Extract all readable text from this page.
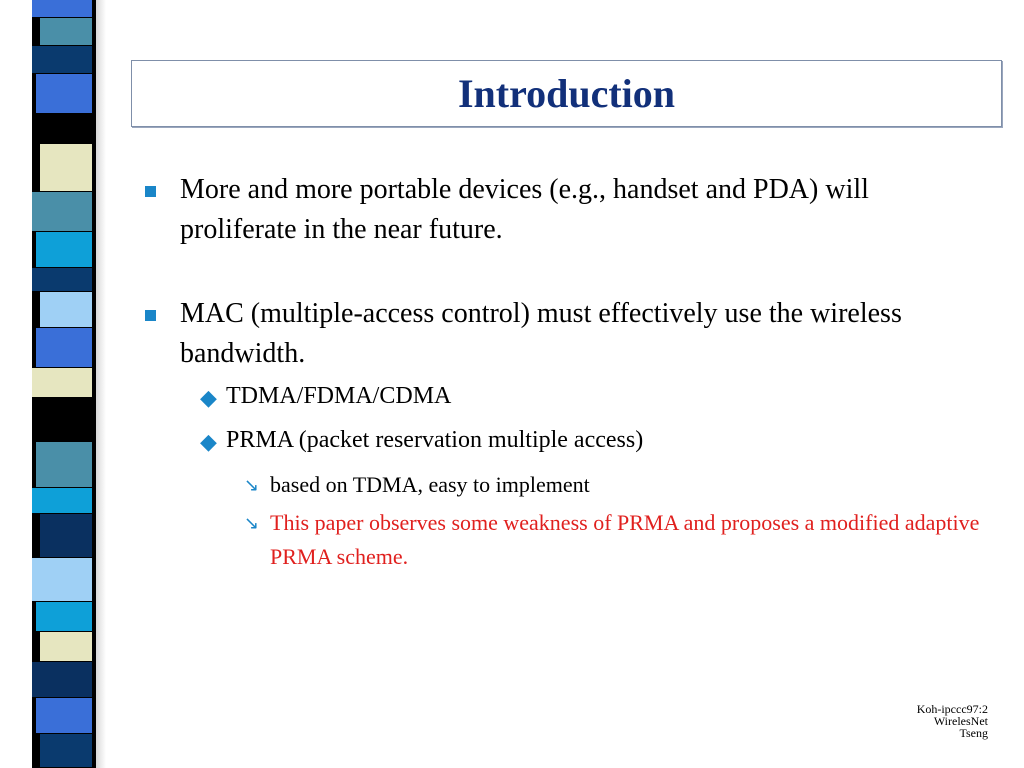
Introduction
More and more portable devices (e.g., handset and PDA) will proliferate in the near future.
MAC (multiple-access control) must effectively use the wireless bandwidth.
◆ TDMA/FDMA/CDMA
◆ PRMA (packet reservation multiple access)
↘ based on TDMA, easy to implement
↘ This paper observes some weakness of PRMA and proposes a modified adaptive PRMA scheme.
Koh-ipccc97:2
WirelesNet
Tseng
